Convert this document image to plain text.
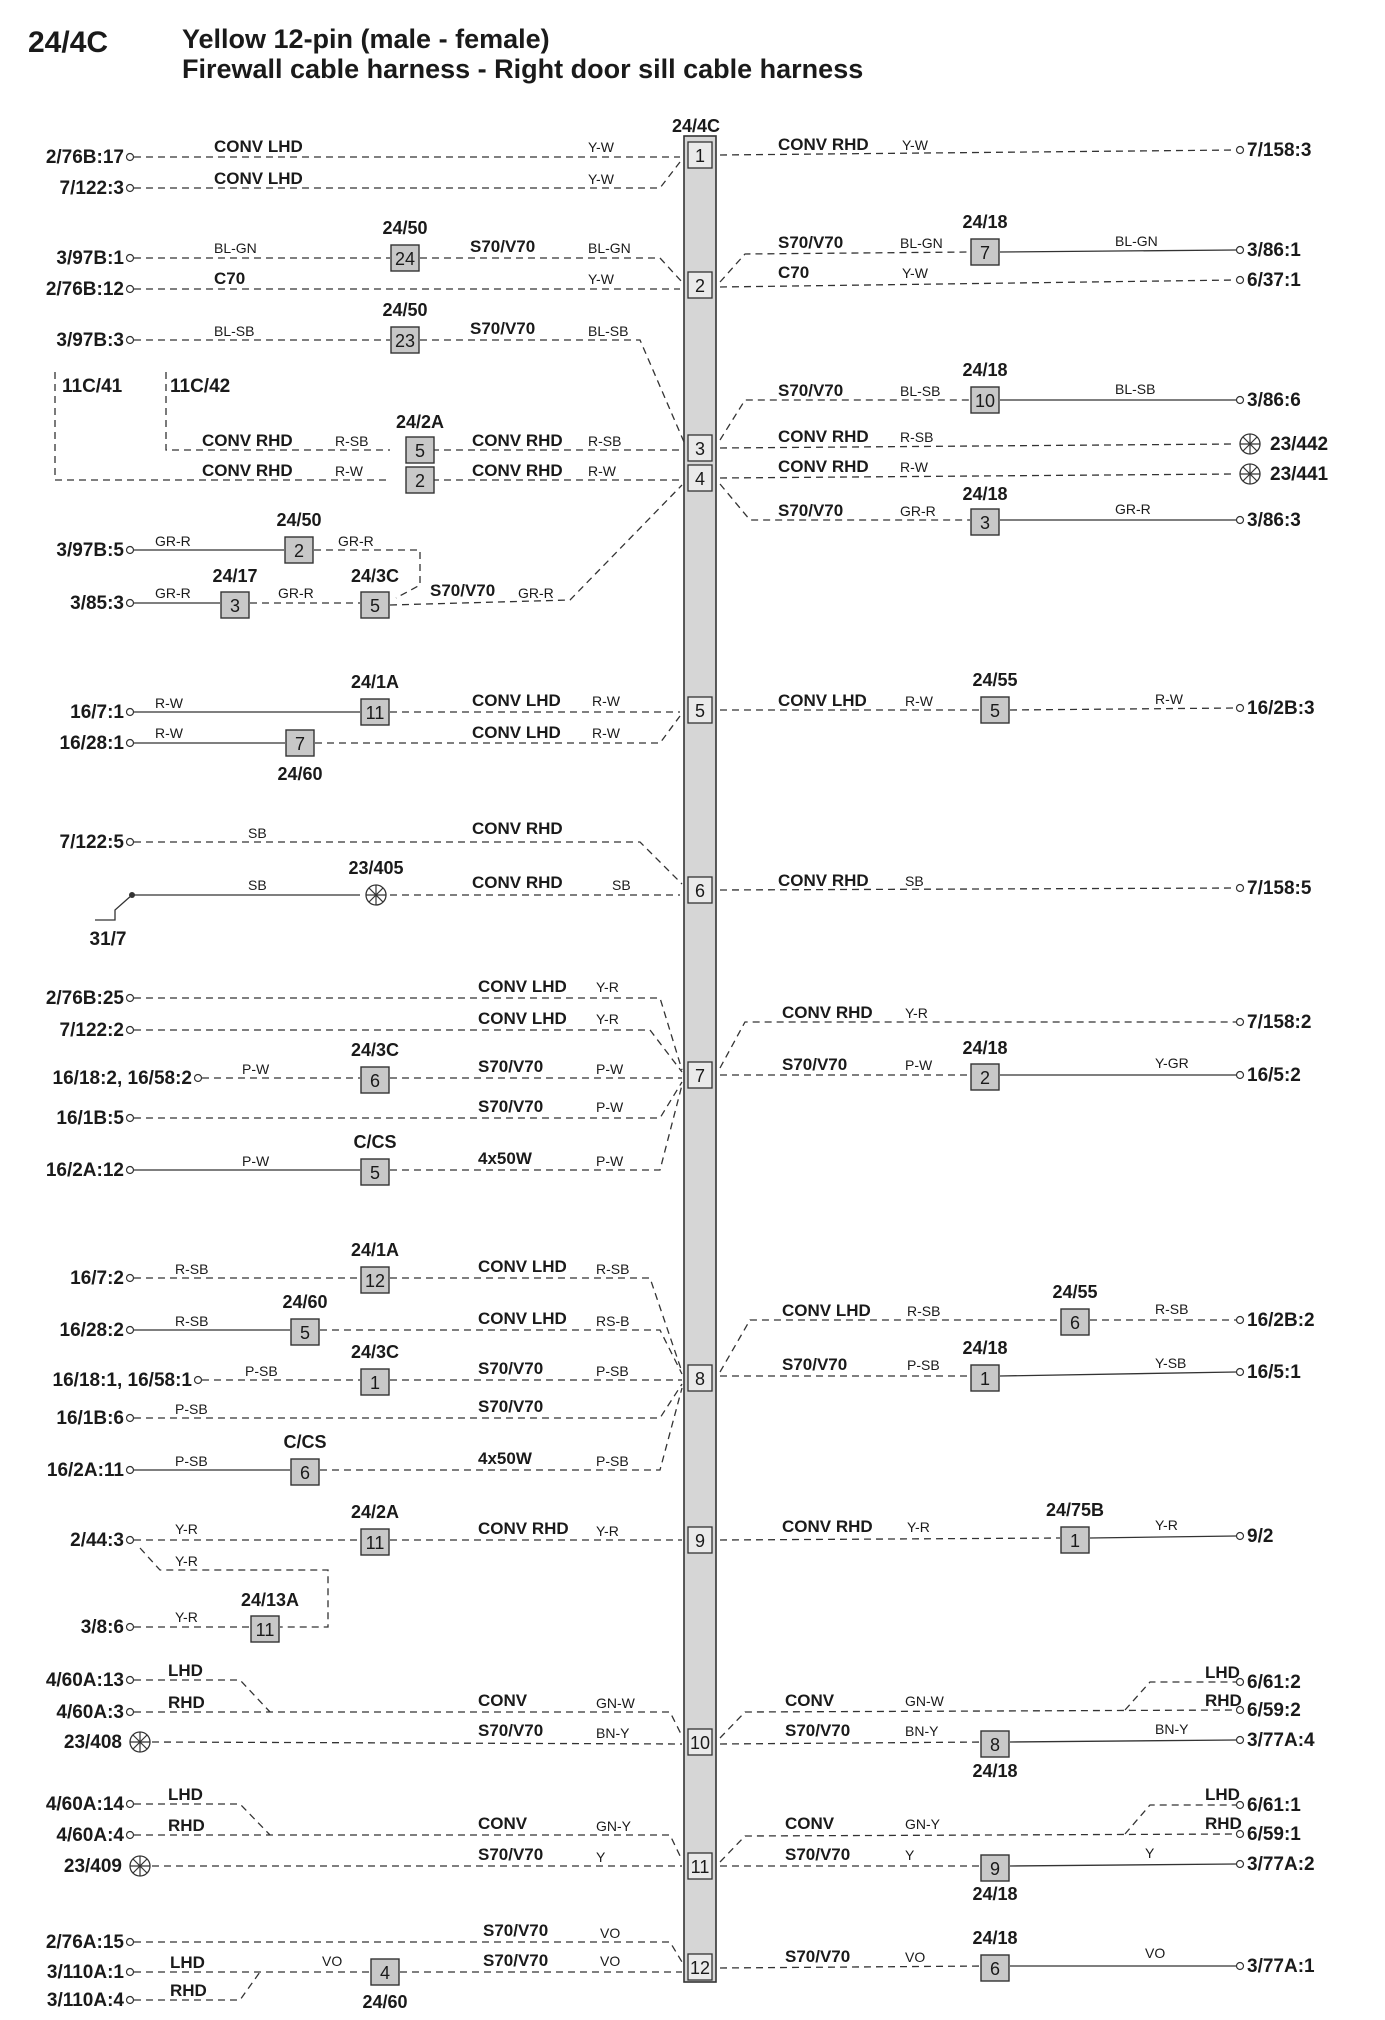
24/4C	Yellow 12-pin (male - female)
Firewall cable harness - Right door sill cable harness
24/4C
1
2
3
4
5
6
7
8
9
10
11
12
24	7
23
5
2
10
3
2
3	5
11
7
5
6
5
2
12
5
1
6
6
1
11
11
1
8
9
4	6
2/76B:17
7/122:3
CONV LHD
CONV LHD
Y-W
Y-W
7/158:3
CONV RHD Y-W
3/97B:1
2/76B:12
24/50
BL-GN	S70/V70	BL-GN
C70	Y-W
3/86:1
6/37:1
24/18
S70/V70	BL-GN	BL-GN
C70	Y-W
3/97B:3
24/50
BL-SB	S70/V70	BL-SB
11C/41	11C/42
24/2A
CONV RHD	R-SB
CONV RHD	R-W
CONV RHD R-SB
CONV RHD R-W
3/86:6
24/18
S70/V70	BL-SB	BL-SB
23/442
CONV RHD R-SB
23/441
CONV RHD R-W
3/86:3
24/18
S70/V70	GR-R	GR-R
3/97B:5
3/85:3
24/50
GR-R	GR-R
24/17	24/3C
GR-R	GR-R	S70/V70 GR-R
16/7:1
16/28:1
24/1A
R-W	CONV LHD R-W
24/60
R-W	CONV LHD R-W
16/2B:3
24/55
CONV LHD	R-W	R-W
7/122:5	SB	CONV RHD
31/7
23/405
SB	CONV RHD	SB	7/158:5
CONV RHD	SB
2/76B:25
7/122:2
16/18:2, 16/58:2
16/1B:5
16/2A:12
CONV LHD Y-R
CONV LHD Y-R
24/3C
P-W	S70/V70	P-W
S70/V70	P-W
C/CS
P-W	4x50W	P-W
7/158:2
16/5:2
CONV RHD Y-R
24/18
S70/V70	P-W	Y-GR
16/7:2
16/28:2
16/18:1, 16/58:1
16/1B:6
16/2A:11
24/1A
R-SB	CONV LHD R-SB
24/60
R-SB	CONV LHD RS-B
24/3C
P-SB	S70/V70	P-SB
P-SB	S70/V70
C/CS
P-SB	4x50W	P-SB
16/2B:2
16/5:1
24/55
CONV LHD	R-SB	R-SB
24/18
S70/V70	P-SB	Y-SB
2/44:3
3/8:6
24/2A
Y-R	CONV RHD Y-R
Y-R
24/13A
Y-R
9/2
24/75B
CONV RHD Y-R	Y-R
4/60A:13
4/60A:3
LHD
RHD	CONV	GN-W
23/408
S70/V70	BN-Y
6/61:2
6/59:2
3/77A:4
CONV	GN-W
LHD
RHD
24/18
S70/V70	BN-Y	BN-Y
4/60A:14
4/60A:4
LHD
RHD	CONV	GN-Y
23/409
S70/V70	Y
6/61:1
6/59:1
3/77A:2
CONV	GN-Y
LHD
RHD
24/18
S70/V70	Y	Y
2/76A:15
3/110A:1
3/110A:4
S70/V70	VO
24/60
LHD
RHD
VO	S70/V70	VO	3/77A:1
24/18
S70/V70	VO	VO
